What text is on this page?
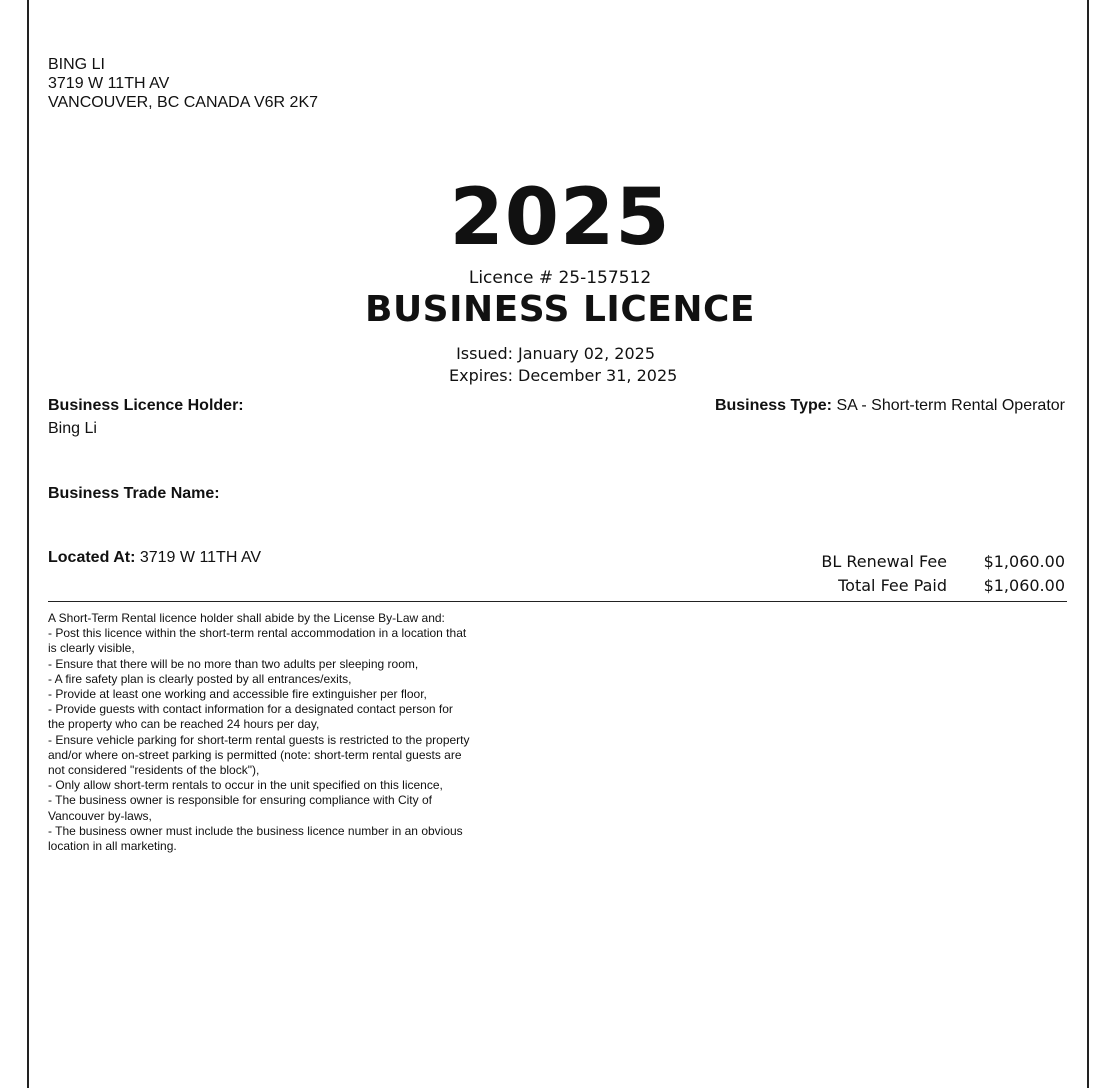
BING LI
3719 W 11TH AV
VANCOUVER, BC CANADA V6R 2K7
2025
Licence # 25-157512
BUSINESS LICENCE
Issued: January 02, 2025
Expires: December 31, 2025
Business Licence Holder:
Bing Li
Business Type: SA - Short-term Rental Operator
Business Trade Name:
Located At: 3719 W 11TH AV	BL Renewal Fee $1,060.00
Total Fee Paid $1,060.00
A Short-Term Rental licence holder shall abide by the License By-Law and:
- Post this licence within the short-term rental accommodation in a location that
is clearly visible,
- Ensure that there will be no more than two adults per sleeping room,
- A fire safety plan is clearly posted by all entrances/exits,
- Provide at least one working and accessible fire extinguisher per floor,
- Provide guests with contact information for a designated contact person for
the property who can be reached 24 hours per day,
- Ensure vehicle parking for short-term rental guests is restricted to the property
and/or where on-street parking is permitted (note: short-term rental guests are
not considered "residents of the block"),
- Only allow short-term rentals to occur in the unit specified on this licence,
- The business owner is responsible for ensuring compliance with City of
Vancouver by-laws,
- The business owner must include the business licence number in an obvious
location in all marketing.
